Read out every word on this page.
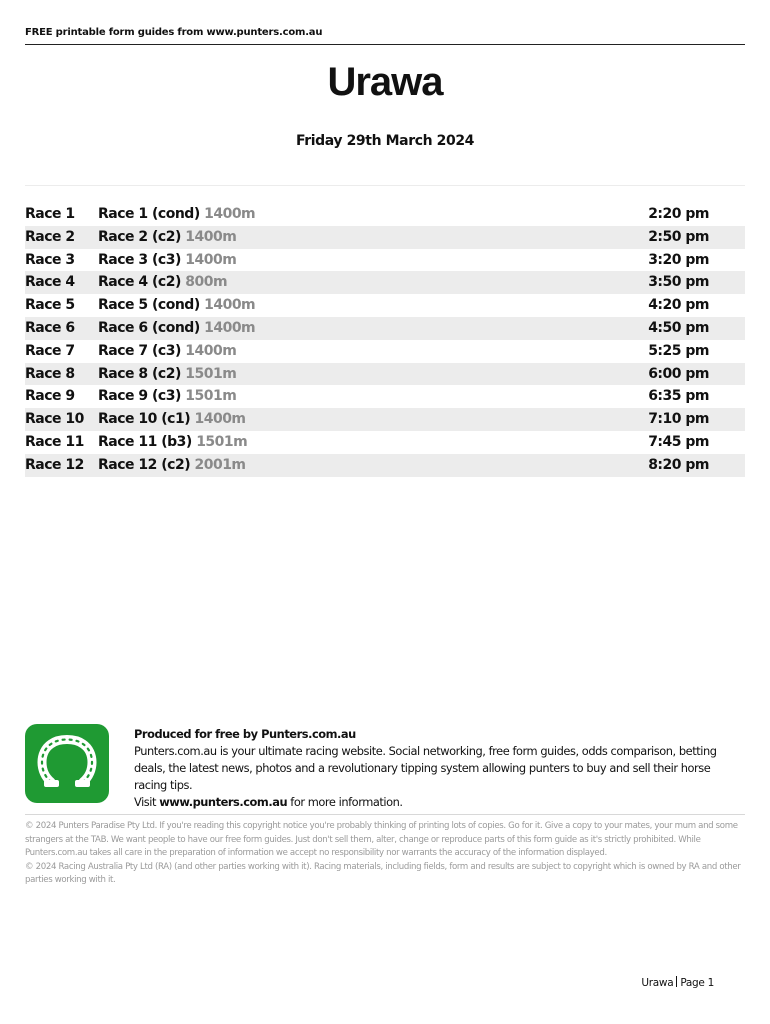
FREE printable form guides from www.punters.com.au
Urawa
Friday 29th March 2024
Race 1 Race 1 (cond) 1400m	2:20 pm
Race 2 Race 2 (c2) 1400m	2:50 pm
Race 3 Race 3 (c3) 1400m	3:20 pm
Race 4 Race 4 (c2) 800m	3:50 pm
Race 5 Race 5 (cond) 1400m	4:20 pm
Race 6 Race 6 (cond) 1400m	4:50 pm
Race 7 Race 7 (c3) 1400m	5:25 pm
Race 8 Race 8 (c2) 1501m	6:00 pm
Race 9 Race 9 (c3) 1501m	6:35 pm
Race 10 Race 10 (c1) 1400m	7:10 pm
Race 11 Race 11 (b3) 1501m	7:45 pm
Race 12 Race 12 (c2) 2001m	8:20 pm
Produced for free by Punters.com.au
Punters.com.au is your ultimate racing website. Social networking, free form guides, odds comparison, betting deals, the latest news, photos and a revolutionary tipping system allowing punters to buy and sell their horse racing tips.
Visit www.punters.com.au for more information.
© 2024 Punters Paradise Pty Ltd. If you're reading this copyright notice you're probably thinking of printing lots of copies. Go for it. Give a copy to your mates, your mum and some strangers at the TAB. We want people to have our free form guides. Just don't sell them, alter, change or reproduce parts of this form guide as it's strictly prohibited. While Punters.com.au takes all care in the preparation of information we accept no responsibility nor warrants the accuracy of the information displayed.
© 2024 Racing Australia Pty Ltd (RA) (and other parties working with it). Racing materials, including fields, form and results are subject to copyright which is owned by RA and other parties working with it.
Urawa Page 1
